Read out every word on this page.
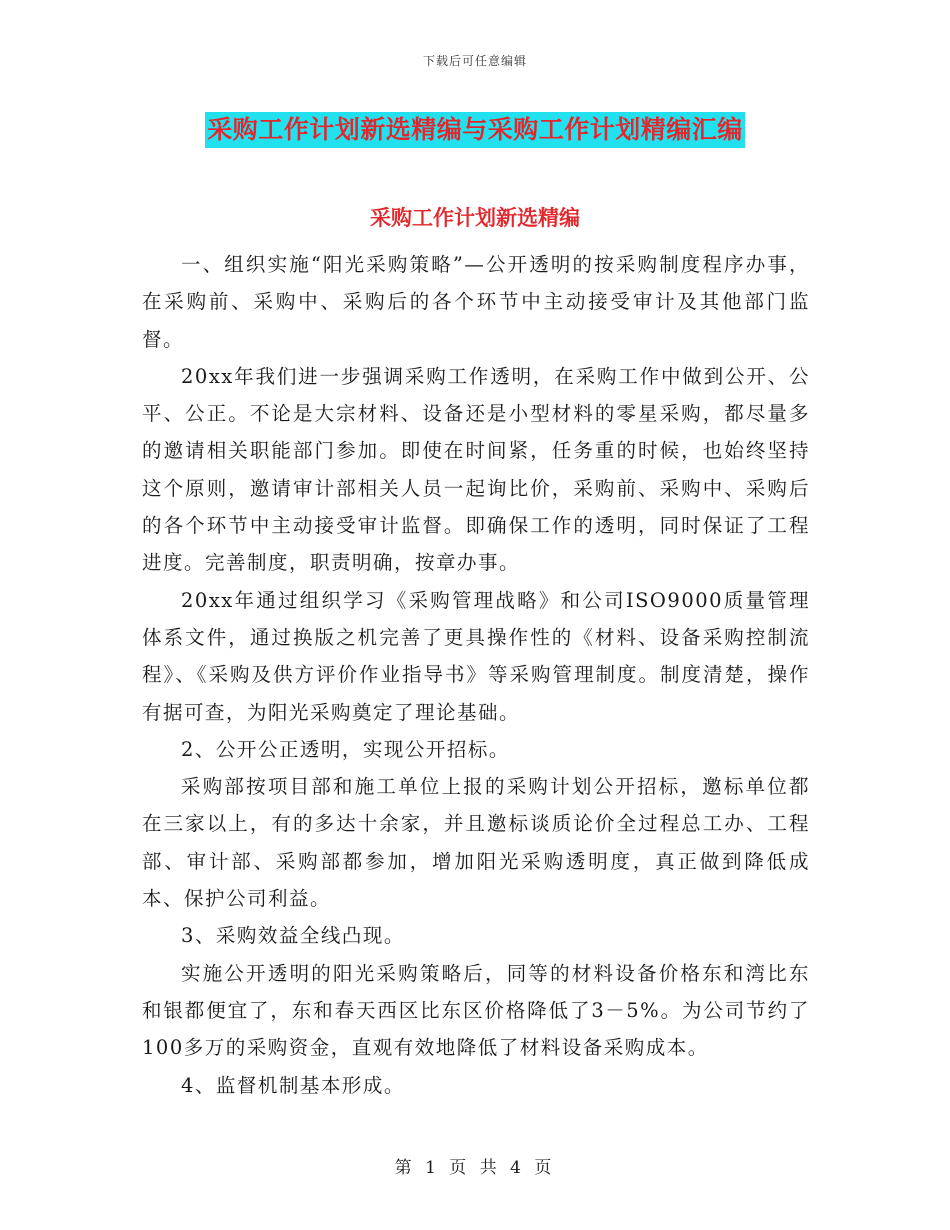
下载后可任意编辑
采购工作计划新选精编与采购工作计划精编汇编
采购工作计划新选精编

一、组织实施“阳光采购策略”—公开透明的按采购制度程序办事，在采购前、采购中、采购后的各个环节中主动接受审计及其他部门监督。

20xx年我们进一步强调采购工作透明，在采购工作中做到公开、公平、公正。不论是大宗材料、设备还是小型材料的零星采购，都尽量多的邀请相关职能部门参加。即使在时间紧，任务重的时候，也始终坚持这个原则，邀请审计部相关人员一起询比价，采购前、采购中、采购后的各个环节中主动接受审计监督。即确保工作的透明，同时保证了工程进度。完善制度，职责明确，按章办事。

20xx年通过组织学习《采购管理战略》和公司ISO9000质量管理体系文件，通过换版之机完善了更具操作性的《材料、设备采购控制流程》、《采购及供方评价作业指导书》等采购管理制度。制度清楚，操作有据可查，为阳光采购奠定了理论基础。

2、公开公正透明，实现公开招标。

采购部按项目部和施工单位上报的采购计划公开招标，邀标单位都在三家以上，有的多达十余家，并且邀标谈质论价全过程总工办、工程部、审计部、采购部都参加，增加阳光采购透明度，真正做到降低成本、保护公司利益。

3、采购效益全线凸现。

实施公开透明的阳光采购策略后，同等的材料设备价格东和湾比东和银都便宜了，东和春天西区比东区价格降低了3－5%。为公司节约了100多万的采购资金，直观有效地降低了材料设备采购成本。

4、监督机制基本形成。

第 1 页 共 4 页
